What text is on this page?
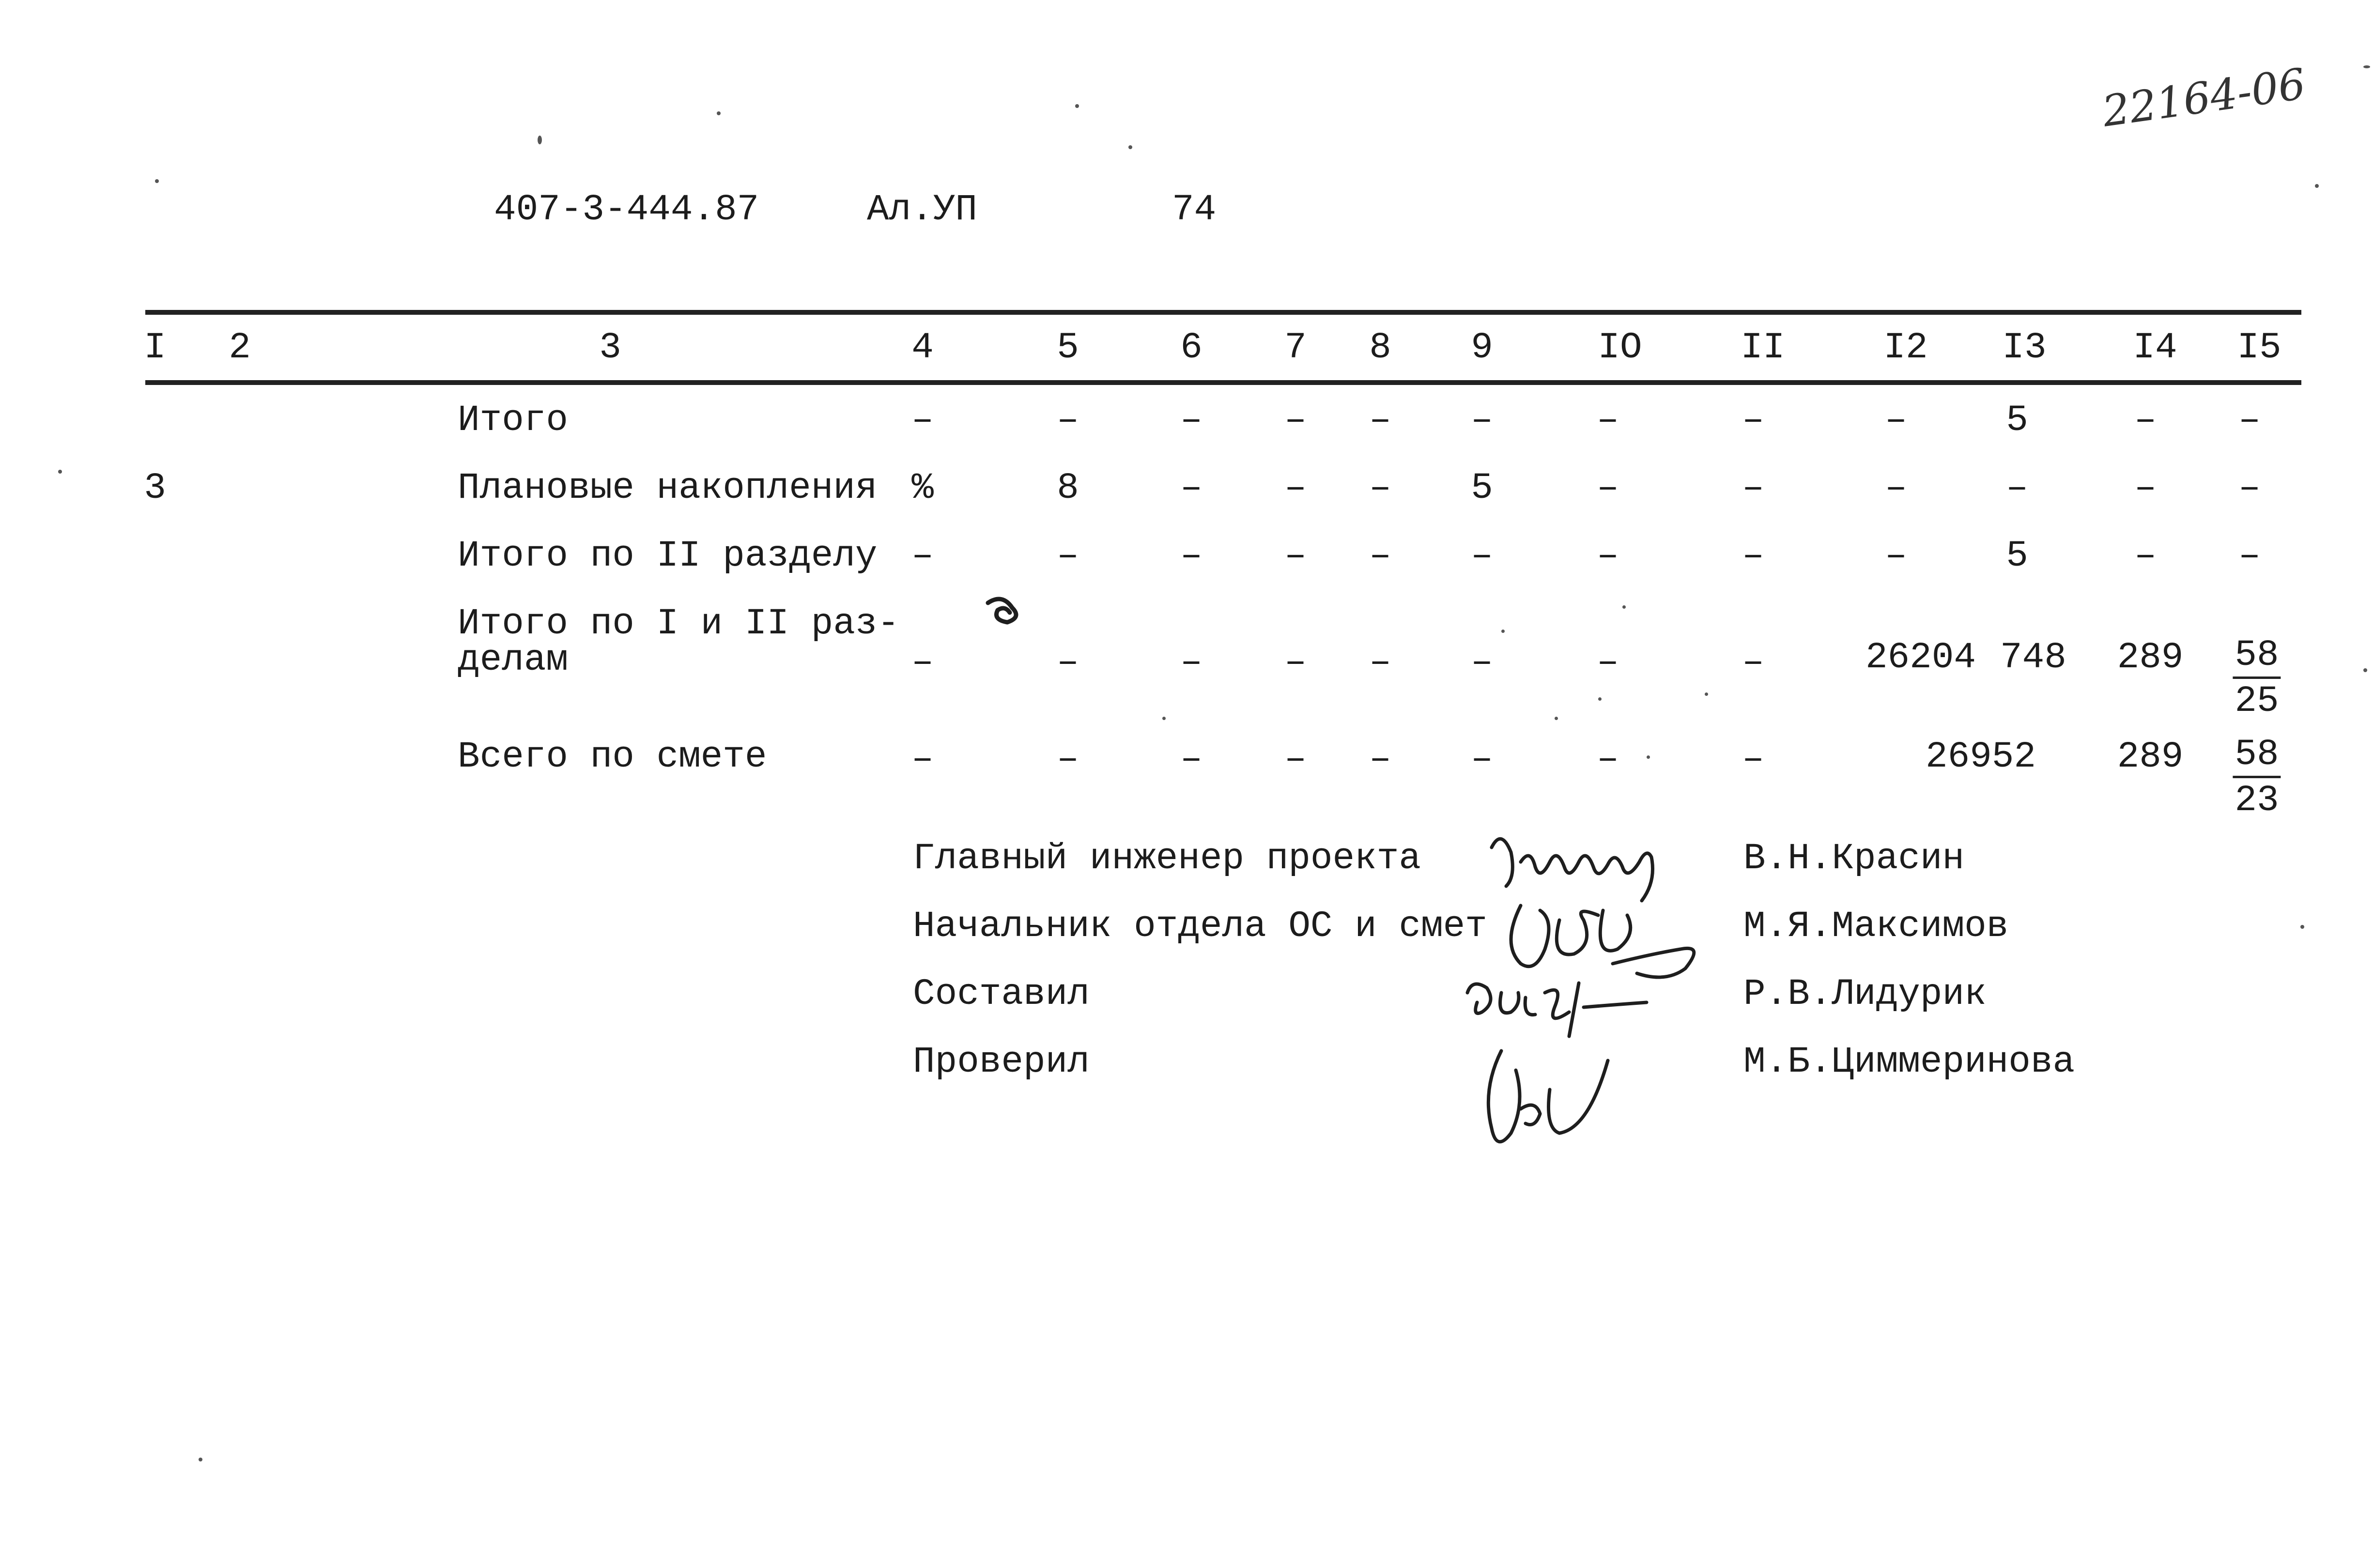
22164-06
407-3-444.87	Ал.УП	74
I 2	3	4	5	6 7 8 9	IO	II	I2 I3 I4 I5
Итого	–	–	– – – –	–	–	–	5	– –
3	Плановые накопления %	8	– – – 5	–	–	–	–	– –
Итого по II разделу –	–	– – – –	–	–	–	5	– –
Итого по I и II раз-
делам	–	–	– – – –	–	–	26204 748 $289 \frac{58}{25}$
Всего по смете	–	–	– – – –	–	–	26952 $289 \frac{58}{23}$
Главный инженер проекта	В.Н.Красин
Начальник отдела ОС и смет	М.Я.Максимов
Составил	Р.В.Лидурик
Проверил	М.Б.Циммеринова
